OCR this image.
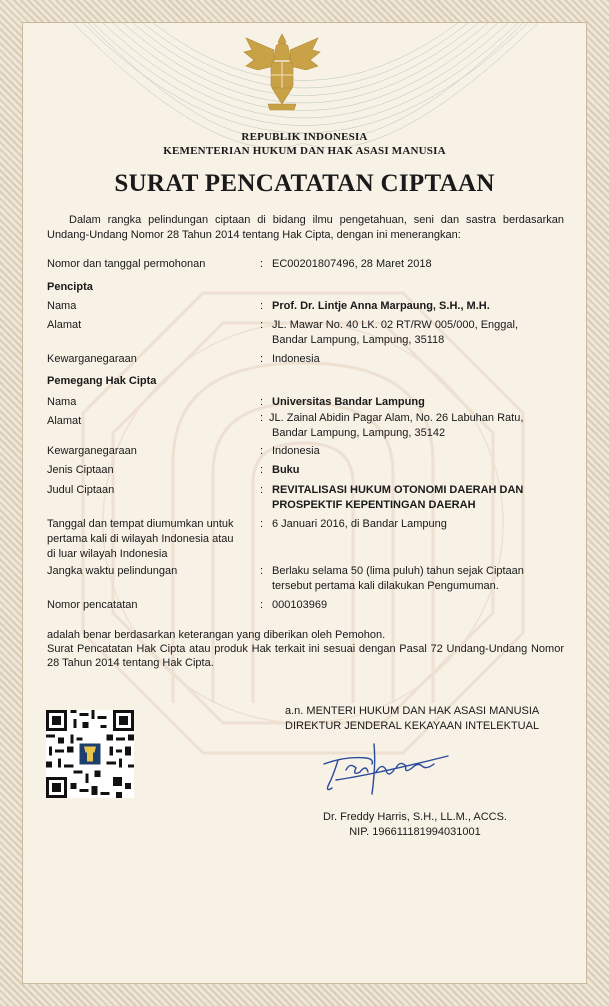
REPUBLIK INDONESIA
KEMENTERIAN HUKUM DAN HAK ASASI MANUSIA
SURAT PENCATATAN CIPTAAN
Dalam rangka pelindungan ciptaan di bidang ilmu pengetahuan, seni dan sastra berdasarkan Undang-Undang Nomor 28 Tahun 2014 tentang Hak Cipta, dengan ini menerangkan:
Nomor dan tanggal permohonan	: EC00201807496, 28 Maret 2018
Pencipta
Nama	: Prof. Dr. Lintje Anna Marpaung, S.H., M.H.
Alamat	: JL. Mawar No. 40 LK. 02 RT/RW 005/000, Enggal,
Bandar Lampung, Lampung, 35118
Kewarganegaraan	: Indonesia
Pemegang Hak Cipta
Nama	: Universitas Bandar Lampung
Alamat	: JL. Zainal Abidin Pagar Alam, No. 26 Labuhan Ratu,
Bandar Lampung, Lampung, 35142
Kewarganegaraan	: Indonesia
Jenis Ciptaan	: Buku
Judul Ciptaan	: REVITALISASI HUKUM OTONOMI DAERAH DAN
PROSPEKTIF KEPENTINGAN DAERAH
Tanggal dan tempat diumumkan untuk
pertama kali di wilayah Indonesia atau
di luar wilayah Indonesia
: 6 Januari 2016, di Bandar Lampung
Jangka waktu pelindungan	: Berlaku selama 50 (lima puluh) tahun sejak Ciptaan
tersebut pertama kali dilakukan Pengumuman.
Nomor pencatatan	: 000103969
adalah benar berdasarkan keterangan yang diberikan oleh Pemohon.
Surat Pencatatan Hak Cipta atau produk Hak terkait ini sesuai dengan Pasal 72 Undang-Undang Nomor 28 Tahun 2014 tentang Hak Cipta.
a.n. MENTERI HUKUM DAN HAK ASASI MANUSIA
DIREKTUR JENDERAL KEKAYAAN INTELEKTUAL
Dr. Freddy Harris, S.H., LL.M., ACCS.
NIP. 196611181994031001
